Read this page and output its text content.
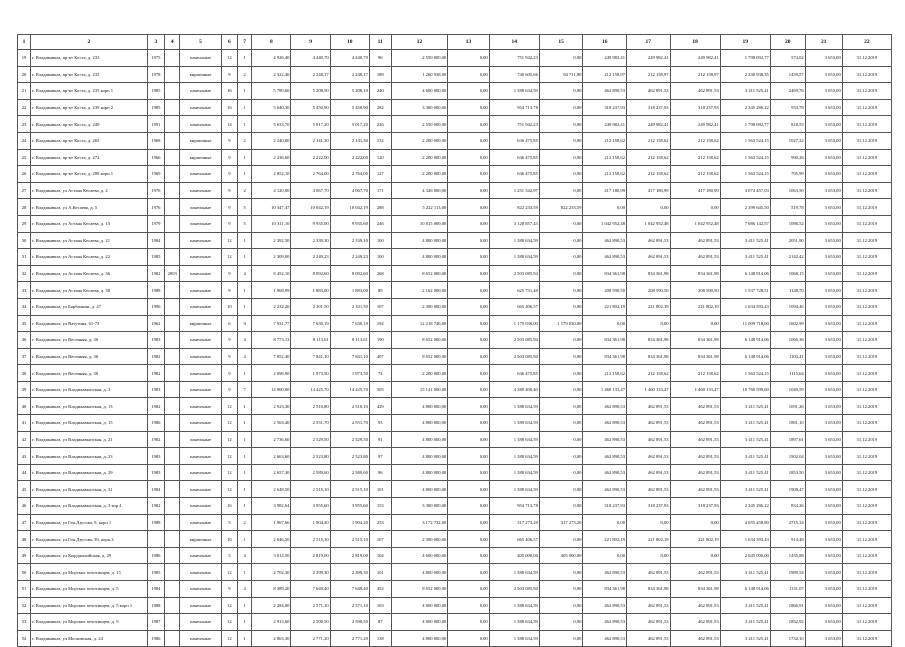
1	2	3	4	5	6	7	8	9	10	11	12	13	14	15	16	17	18	19	20	21	22
19	г. Владикавказ, пр-кт Коста, д. 233	1975		панельные	12	1	4 926,40	4 440,70	4 440,70	96	2 550 000,00	0,00	751 942,23	0,00	249 982,41	249 982,41	249 982,41	1 798 092,77	574,02	3 653,00	31.12.2019
20	г. Владикавказ, пр-кт Коста, д. 235	1978		кирпичные	9	2	2 322,40	2 248,17	2 248,17	189	1 260 938,00	0,00	740 605,66	94 711,80	212 158,97	212 158,97	212 158,97	2 330 938,35	1459,57	3 653,00	31.12.2019
21	г. Владикавказ, пр-кт Коста, д. 235 корп 1	1985		панельные	16	1	5 780,60	5 208,50	5 208,10	240	4 600 000,00	0,00	1 388 634,59	0,00	462 890,53	462 891,53	462 891,53	3 411 525,41	2469,76	3 653,00	31.12.2019
22	г. Владикавказ, пр-кт Коста, д. 239 корп 2	1985		панельные	16	1	5 640,30	5 450,90	5 450,90	282	3 300 000,00	0,00	954 713,78	0,00	318 237,93	318 237,93	318 237,93	2 345 286,22	933,78	3 653,00	31.12.2019
23	г. Владикавказ, пр-кт Коста, д. 249	1991		панельные	14	1	5 633,70	5 017,20	5 017,20	226	2 550 000,00	0,00	751 942,23	0,00	249 982,41	249 982,41	249 982,41	1 798 092,77	818,53	3 653,00	31.12.2019
24	г. Владикавказ, пр-кт Коста, д. 265	1968		кирпичные	9	2	2 240,00	2 141,30	2 141,30	132	2 200 000,00	0,00	636 475,85	0,00	212 158,62	212 158,62	212 158,62	1 563 524,15	1027,32	3 653,00	31.12.2019
25	г. Владикавказ, пр-кт Коста, д. 272	1966		кирпичные	9	1	2 236,60	2 222,00	2 222,00	120	2 200 000,00	0,00	636 475,85	0,00	212 158,62	212 158,62	212 158,62	1 563 524,15	990,26	3 653,00	31.12.2019
26	г. Владикавказ, пр-кт Коста, д. 288 корп 1	1969		панельные	9	1	2 852,10	2 764,00	2 764,00	127	2 200 000,00	0,00	636 475,85	0,00	212 158,62	212 158,62	212 158,62	1 563 524,15	795,99	3 653,00	31.12.2019
27	г. Владикавказ, ул Астана Кесаева, д. 2	1976		панельные	9	2	4 120,00	4 067,70	4 067,70	171	4 326 000,00	0,00	1 251 542,97	0,00	417 180,99	417 180,99	417 180,99	3 074 457,03	1063,50	3 653,00	31.12.2019
28	г. Владикавказ, ул А.Кесаева, д. 5	1976		панельные	9	5	10 347,47	10 042,19	10 042,19	288	5 222 113,00	0,00	822 233,59	822 233,59	0,00	0,00	0,00	2 399 645,50	519,78	3 653,00	31.12.2019
29	г. Владикавказ, ул Астана Кесаева, д. 13	1979		панельные	9	5	10 311,10	9 935,00	9 935,60	246	10 815 000,00	0,00	3 128 857,43	0,00	1 042 952,48	1 042 952,48	1 042 952,48	7 686 142,57	1088,52	3 653,00	31.12.2019
30	г. Владикавказ, ул Астана Кесаева, д. 21	1984		панельные	12	1	2 392,50	2 339,30	2 339,10	100	4 800 000,00	0,00	1 388 634,59	0,00	462 890,53	462 891,53	462 891,53	3 411 525,41	2051,90	3 653,00	31.12.2019
31	г. Владикавказ, ул Астана Кесаева, д. 22	1985		панельные	12	1	2 309,00	2 249,23	2 249,23	100	4 800 000,00	0,00	1 388 634,59	0,00	462 890,53	462 891,53	462 891,53	3 411 525,41	2142,42	3 653,00	31.12.2019
32	г. Владикавказ, ул Астана Кесаева, д. 36	1982	2003	панельные	9	4	8 452,10	8 092,60	8 092,60	268	8 652 000,00	0,00	2 503 085,94	0,00	834 361,98	834 361,98	834 361,98	6 148 914,06	1068,15	3 653,00	31.12.2019
33	г. Владикавказ, ул Астана Кесаева, д. 38	1988		панельные	9	1	1 968,99	1 883,00	1 883,00	89	2 162 000,00	0,00	625 731,40	0,00	208 590,50	208 590,50	208 590,50	1 537 728,51	1148,70	3 653,00	31.12.2019
34	г. Владикавказ, ул Барбашова, д. 47	1996		панельные	10	1	2 232,20	2 101,50	2 101,50	107	2 300 000,00	0,00	665 406,57	0,00	221 802,19	221 802,19	221 802,19	1 634 593,43	1094,46	3 653,00	31.12.2019
35	г. Владикавказ, ул Ватутина, 61-73	1962		кирпичные	6	9	7 931,77	7 630,19	7 630,19	192	12 218 746,00	0,00	1 179 030,00	1 179 030,00	0,00	0,00	0,00	11 009 718,00	1602,99	3 653,00	31.12.2019
36	г. Владикавказ, ул Весенняя, д. 36	1983		панельные	9	4	8 773,13	8 113,61	8 113,61	190	8 652 000,00	0,00	2 503 085,94	0,00	834 361,98	834 361,98	834 361,98	6 148 914,06	1066,36	3 653,00	31.12.2019
37	г. Владикавказ, ул Весенняя, д. 36	1982		панельные	9	4	7 852,40	7 841,10	7 841,10	407	8 652 000,00	0,00	2 503 085,94	0,00	834 361,98	834 361,98	834 361,98	6 148 914,06	1103,41	3 653,00	31.12.2019
38	г. Владикавказ, ул Весенняя, д. 38	1982		панельные	9	1	2 096,90	1 973,50	1 973,50	74	2 200 000,00	0,00	636 475,85	0,00	212 158,62	212 158,62	212 158,62	1 563 524,15	1115,64	3 653,00	31.12.2019
39	г. Владикавказ, ул Владикавказская, д. 3	1983		панельные	9	7	14 900,00	14 425,70	14 425,70	505	15 141 000,00	0,00	4 380 400,40	0,00	1 460 133,47	1 460 133,47	1 460 133,47	10 760 599,60	1049,59	3 653,00	31.12.2019
40	г. Владикавказ, ул Владикавказская, д. 13	1982		панельные	12	1	2 923,30	2 510,80	2 510,10	429	4 800 000,00	0,00	1 388 634,59	0,00	462 890,53	462 891,53	462 891,53	3 411 525,41	1091,26	3 653,00	31.12.2019
41	г. Владикавказ, ул Владикавказская, д. 15	1986		панельные	12	1	2 563,40	2 551,70	2 551,70	93	4 800 000,00	0,00	1 389 634,59	0,00	462 890,53	462 891,53	462 891,53	3 411 525,41	1881,10	3 653,00	31.12.2019
42	г. Владикавказ, ул Владикавказская, д. 21	1982		панельные	12	1	2 736,60	2 529,50	2 529,50	91	4 800 000,00	0,00	1 388 634,59	0,00	462 890,53	462 891,53	462 891,53	3 411 525,41	1897,61	3 653,00	31.12.2019
43	г. Владикавказ, ул Владикавказская, д. 23	1983		панельные	12	1	2 663,60	2 523,80	2 523,80	97	4 800 000,00	0,00	1 388 634,59	0,00	462 890,53	462 891,53	462 891,53	3 411 525,41	1902,04	3 653,00	31.12.2019
44	г. Владикавказ, ул Владикавказская, д. 29	1983		панельные	12	1	2 657,30	2 589,60	2 589,60	96	4 800 000,00	0,00	1 388 634,59	0,00	462 890,53	462 891,53	462 891,53	3 411 525,41	1853,50	3 653,00	31.12.2019
45	г. Владикавказ, ул Владикавказская, д. 31	1984		панельные	12	1	2 648,50	2 515,10	2 515,10	101	4 800 000,00	0,00	1 388 634,59	0,00	462 890,53	462 891,53	462 891,53	3 411 525,41	1908,47	3 653,00	31.12.2019
46	г. Владикавказ, ул Владикавказская, д. 3 кор 4	1982		панельные	16	1	3 982,64	3 955,60	3 955,60	153	3 300 000,00	0,00	954 713,78	0,00	318 237,93	318 237,93	318 237,93	2 345 286,22	834,26	3 653,00	31.12.2019
47	г. Владикавказ, ул Ген.Дзусова, 9, корп 1	1988		панельные	5	2	1 967,66	1 904,20	1 904,20	253	3 172 732,00	0,00	317 273,20	317 273,20	0,00	0,00	0,00	4 655 458,80	2715,34	3 653,00	31.12.2019
48	г. Владикавказ, ул Ген.Дзусова, 39, корп.3			кирпичные	10	1	2 646,50	2 515,10	2 515,10	107	2 300 000,00	0,00	665 406,57	0,00	221 802,19	221 802,19	221 802,19	1 634 593,43	914,48	3 653,00	31.12.2019
49	г. Владикавказ, ул Кырджалийская, д. 29	1986		панельные	5	4	3 014,50	2 819,00	2 819,00	104	4 600 000,00	0,00	405 000,00	405 000,00	0,00	0,00	0,00	2 645 000,00	1435,88	3 653,00	31.12.2019
50	г. Владикавказ, ул Морских пехотинцев, д. 15	1985		панельные	12	1	2 702,30	2 399,30	2 399,30	101	4 800 000,00	0,00	1 388 634,59	0,00	462 890,53	462 891,53	462 891,53	3 411 525,41	1989,54	3 653,00	31.12.2019
51	г. Владикавказ, ул Морских пехотинцев, д. 5	1984		панельные	9	4	8 389,20	7 649,40	7 649,40	452	8 652 000,00	0,00	2 503 085,94	0,00	834 361,98	834 361,98	834 361,98	6 148 914,06	1131,07	3 653,00	31.12.2019
52	г. Владикавказ, ул Морских пехотинцев, д. 5 корп 1	1988		панельные	12	1	2 284,00	2 571,10	2 571,10	103	4 800 000,00	0,00	1 388 634,59	0,00	462 890,53	462 891,53	462 891,53	3 411 525,41	1866,91	3 653,00	31.12.2019
53	г. Владикавказ, ул Морских пехотинцев, д. 9	1987		панельные	12	1	2 913,60	2 590,50	2 590,50	87	4 800 000,00	0,00	1 388 634,59	0,00	462 890,53	462 891,53	462 891,53	3 411 525,41	1852,92	3 653,00	31.12.2019
54	г. Владикавказ, ул Московская, д. 24	1986		панельные	12	1	2 863,30	2 771,20	2 771,20	138	4 800 000,00	0,00	1 388 634,59	0,00	462 890,53	462 891,53	462 891,53	3 411 525,41	1732,10	3 653,00	31.12.2019
